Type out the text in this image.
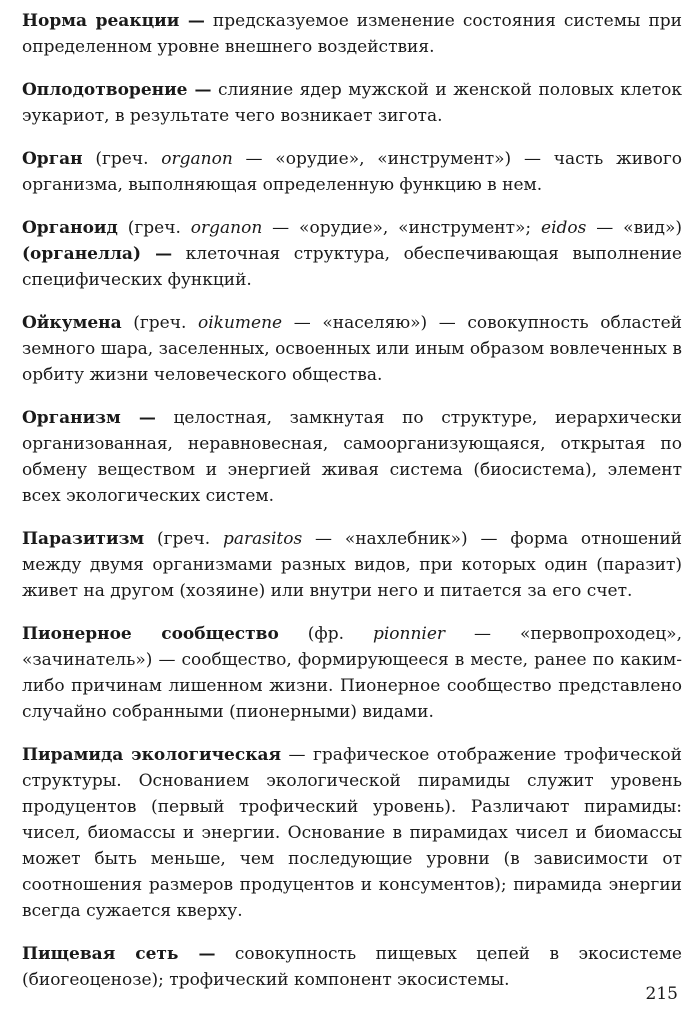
Норма реакции — предсказуемое изменение состояния системы при определенном уровне внешнего воздействия.

Оплодотворение — слияние ядер мужской и женской половых клеток эукариот, в результате чего возникает зигота.

Орган (греч. organon — «орудие», «инструмент») — часть живого организма, выполняющая определенную функцию в нем.

Органоид (греч. organon — «орудие», «инструмент»; eidos — «вид») (органелла) — клеточная структура, обеспечивающая выполнение специфических функций.

Ойкумена (греч. oikumene — «населяю») — совокупность областей земного шара, заселенных, освоенных или иным образом вовлеченных в орбиту жизни человеческого общества.

Организм — целостная, замкнутая по структуре, иерархически организованная, неравновесная, самоорганизующаяся, открытая по обмену веществом и энергией живая система (биосистема), элемент всех экологических систем.

Паразитизм (греч. parasitos — «нахлебник») — форма отношений между двумя организмами разных видов, при которых один (паразит) живет на другом (хозяине) или внутри него и питается за его счет.

Пионерное сообщество (фр. pionnier — «первопроходец», «зачинатель») — сообщество, формирующееся в месте, ранее по каким-либо причинам лишенном жизни. Пионерное сообщество представлено случайно собранными (пионерными) видами.

Пирамида экологическая — графическое отображение трофической структуры. Основанием экологической пирамиды служит уровень продуцентов (первый трофический уровень). Различают пирамиды: чисел, биомассы и энергии. Основание в пирамидах чисел и биомассы может быть меньше, чем последующие уровни (в зависимости от соотношения размеров продуцентов и консументов); пирамида энергии всегда сужается кверху.

Пищевая сеть — совокупность пищевых цепей в экосистеме (биогеоценозе); трофический компонент экосистемы.

215
